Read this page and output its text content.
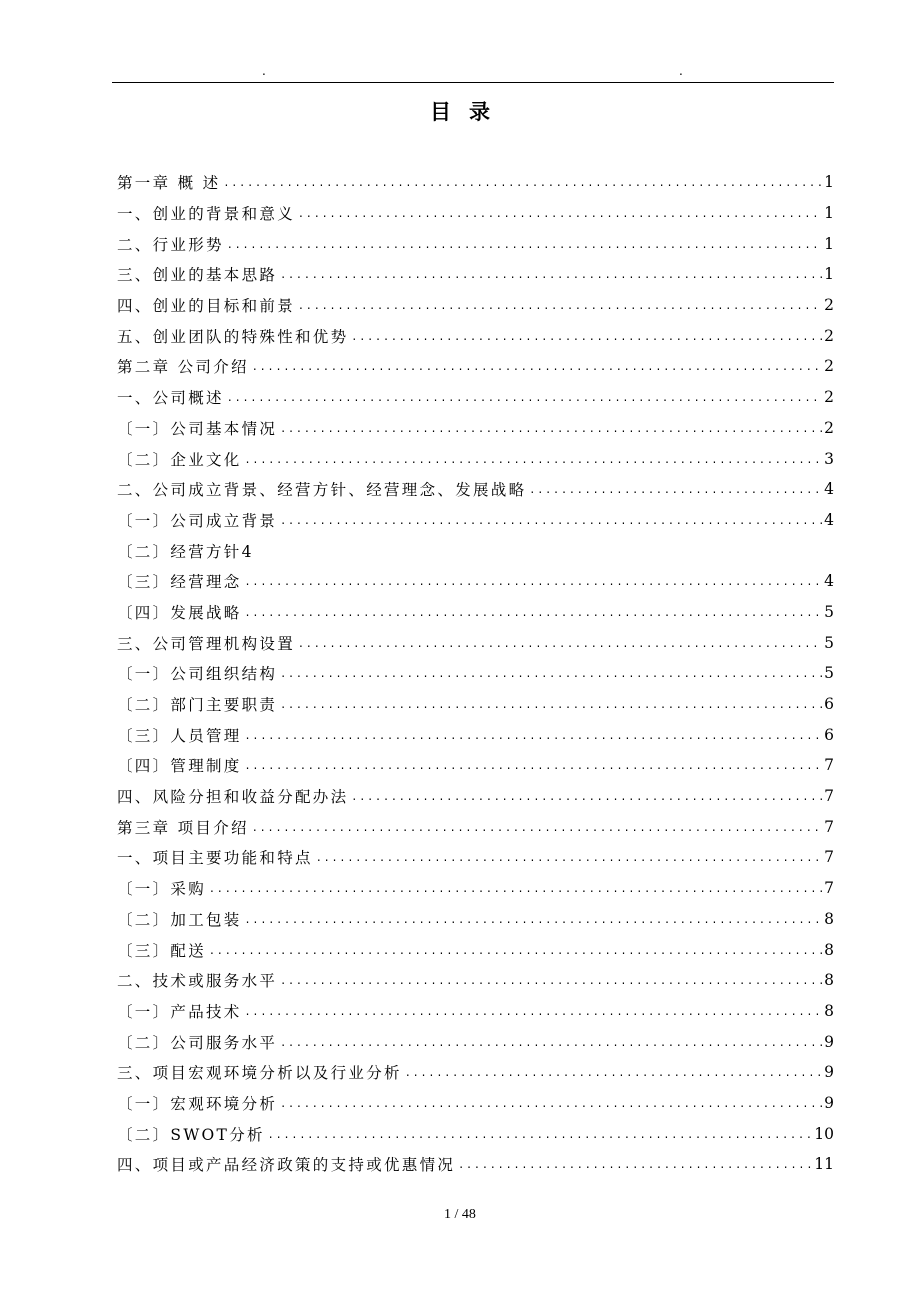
.	.
目录
第一章 概 述 .....	1
一、创业的背景和意义 .....	1
二、行业形势 .....	1
三、创业的基本思路 .....	1
四、创业的目标和前景 .....	2
五、创业团队的特殊性和优势 .....	2
第二章 公司介绍 .....	2
一、公司概述 .....	2
〔一〕公司基本情况 .....	2
〔二〕企业文化 .....	3
二、公司成立背景、经营方针、经营理念、发展战略 .....	4
〔一〕公司成立背景 .....	4
〔二〕经营方针4
〔三〕经营理念 .....	4
〔四〕发展战略 .....	5
三、公司管理机构设置 .....	5
〔一〕公司组织结构 .....	5
〔二〕部门主要职责 .....	6
〔三〕人员管理 .....	6
〔四〕管理制度 .....	7
四、风险分担和收益分配办法 .....	7
第三章 项目介绍 .....	7
一、项目主要功能和特点 .....	7
〔一〕采购 .....	7
〔二〕加工包装 .....	8
〔三〕配送 .....	8
二、技术或服务水平 .....	8
〔一〕产品技术 .....	8
〔二〕公司服务水平 .....	9
三、项目宏观环境分析以及行业分析 .....	9
〔一〕宏观环境分析 .....	9
〔二〕SWOT分析 .....	10
四、项目或产品经济政策的支持或优惠情况 .....	11
1 / 48
